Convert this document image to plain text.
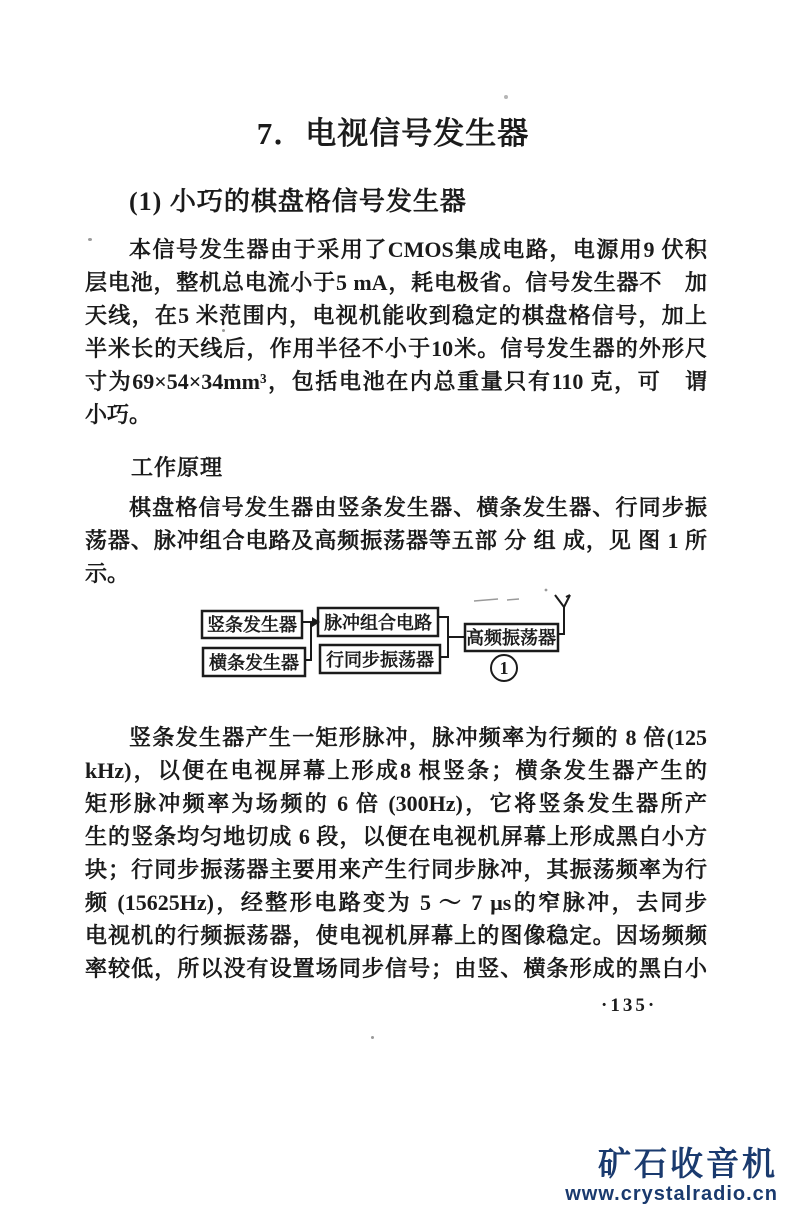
7．电视信号发生器
(1) 小巧的棋盘格信号发生器
本信号发生器由于采用了CMOS集成电路，电源用9 伏积
层电池，整机总电流小于5 mA，耗电极省。信号发生器不　加
天线，在5 米范围内，电视机能收到稳定的棋盘格信号，加上
半米长的天线后，作用半径不小于10米。信号发生器的外形尺
寸为69×54×34mm³，包括电池在内总重量只有110 克，可　谓
小巧。
工作原理
棋盘格信号发生器由竖条发生器、横条发生器、行同步振
荡器、脉冲组合电路及高频振荡器等五部 分 组 成，见 图 1 所
示。
竖条发生器
横条发生器
脉冲组合电路
行同步振荡器
高频振荡器
1
竖条发生器产生一矩形脉冲，脉冲频率为行频的 8 倍(125
kHz)，以便在电视屏幕上形成8 根竖条；横条发生器产生的
矩形脉冲频率为场频的 6 倍 (300Hz)，它将竖条发生器所产
生的竖条均匀地切成 6 段，以便在电视机屏幕上形成黑白小方
块；行同步振荡器主要用来产生行同步脉冲，其振荡频率为行
频 (15625Hz)，经整形电路变为 5 ～ 7 μs的窄脉冲，去同步
电视机的行频振荡器，使电视机屏幕上的图像稳定。因场频频
率较低，所以没有设置场同步信号；由竖、横条形成的黑白小
·135·
矿石收音机
www.crystalradio.cn
